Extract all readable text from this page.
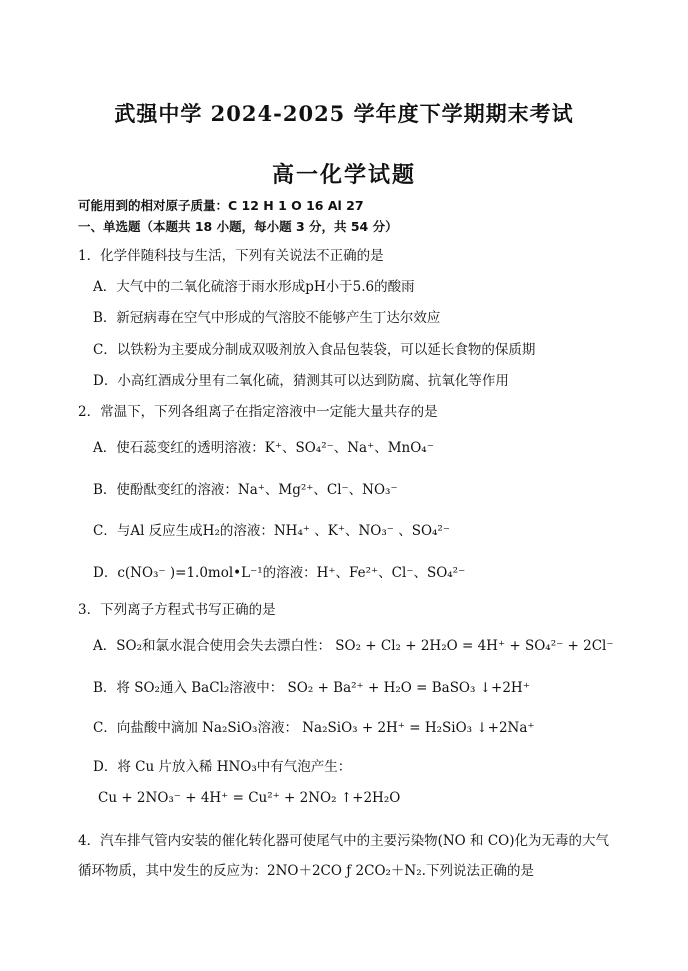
武强中学 2024-2025 学年度下学期期末考试
高一化学试题
可能用到的相对原子质量：C 12 H 1 O 16 Al 27
一、单选题（本题共 18 小题，每小题 3 分，共 54 分）
1．化学伴随科技与生活，下列有关说法不正确的是
A．大气中的二氧化硫溶于雨水形成pH小于5.6的酸雨
B．新冠病毒在空气中形成的气溶胶不能够产生丁达尔效应
C．以铁粉为主要成分制成双吸剂放入食品包装袋，可以延长食物的保质期
D．小高红酒成分里有二氧化硫，猜测其可以达到防腐、抗氧化等作用
2．常温下，下列各组离子在指定溶液中一定能大量共存的是
A．使石蕊变红的透明溶液：K⁺、SO₄²⁻、Na⁺、MnO₄⁻
B．使酚酞变红的溶液：Na⁺、Mg²⁺、Cl⁻、NO₃⁻
C．与Al 反应生成H₂的溶液：NH₄⁺ 、K⁺、NO₃⁻ 、SO₄²⁻
D．c(NO₃⁻ )=1.0mol•L⁻¹的溶液：H⁺、Fe²⁺、Cl⁻、SO₄²⁻
3．下列离子方程式书写正确的是
A．SO₂和氯水混合使用会失去漂白性： SO₂ + Cl₂ + 2H₂O = 4H⁺ + SO₄²⁻ + 2Cl⁻
B．将 SO₂通入 BaCl₂溶液中： SO₂ + Ba²⁺ + H₂O = BaSO₃ ↓+2H⁺
C．向盐酸中滴加 Na₂SiO₃溶液： Na₂SiO₃ + 2H⁺ = H₂SiO₃ ↓+2Na⁺
D．将 Cu 片放入稀 HNO₃中有气泡产生：
Cu + 2NO₃⁻ + 4H⁺ = Cu²⁺ + 2NO₂ ↑+2H₂O
4．汽车排气管内安装的催化转化器可使尾气中的主要污染物(NO 和 CO)化为无毒的大气
循环物质，其中发生的反应为：2NO＋2CO ƒ 2CO₂＋N₂.下列说法正确的是
